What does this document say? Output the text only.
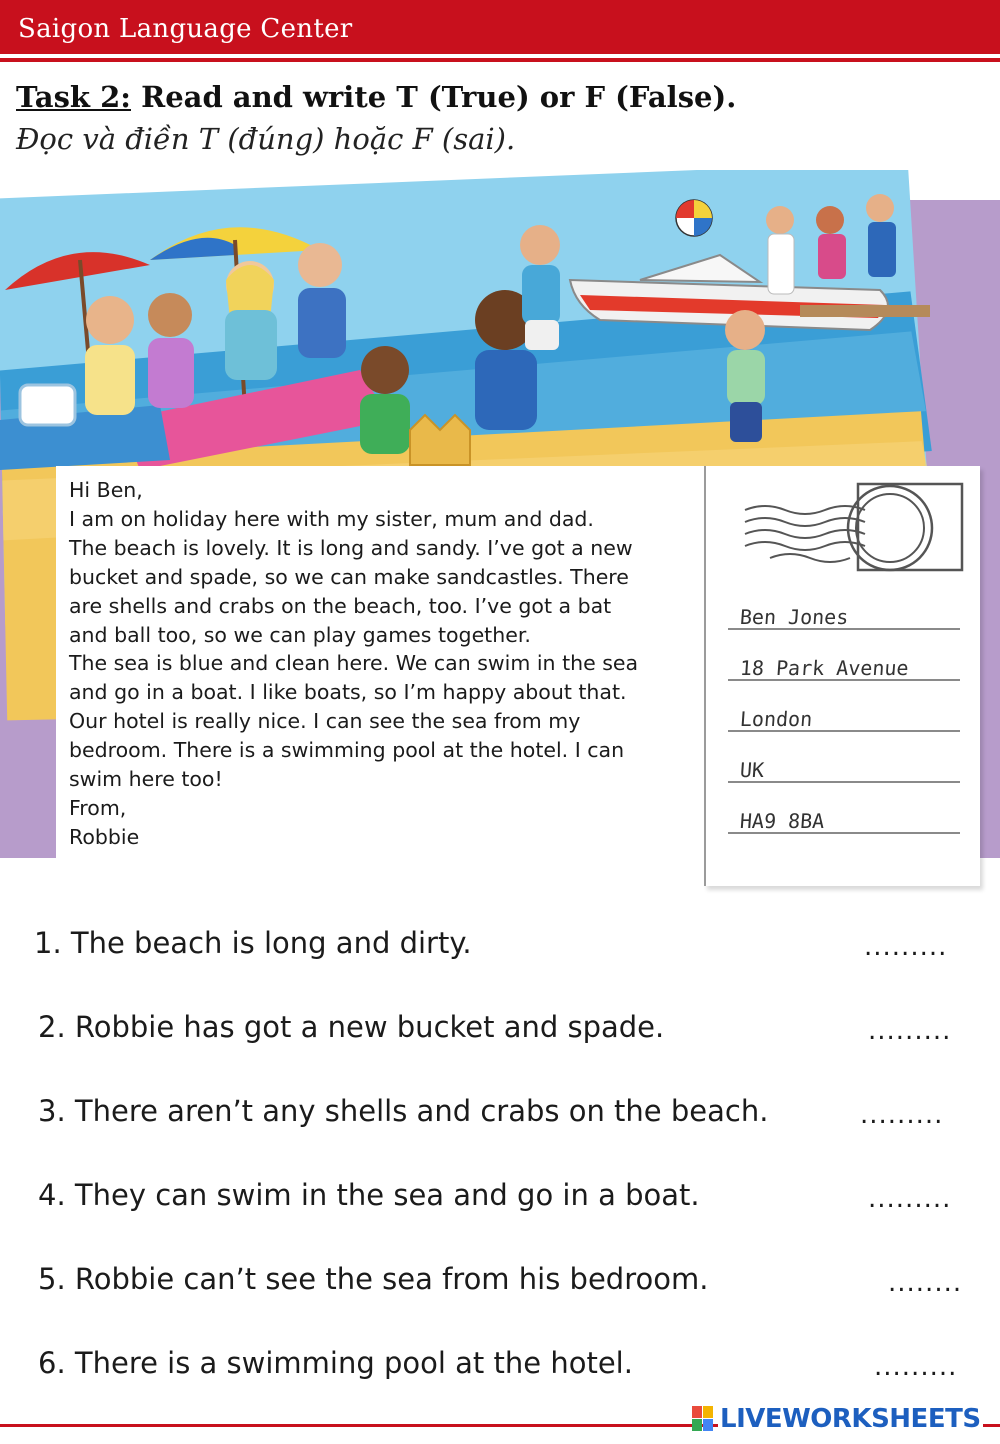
Saigon Language Center
Task 2: Read and write T (True) or F (False).
Đọc và điền T (đúng) hoặc F (sai).
Hi Ben,
I am on holiday here with my sister, mum and dad.
The beach is lovely. It is long and sandy. I’ve got a new
bucket and spade, so we can make sandcastles. There
are shells and crabs on the beach, too. I’ve got a bat
and ball too, so we can play games together.
The sea is blue and clean here. We can swim in the sea
and go in a boat. I like boats, so I’m happy about that.
Our hotel is really nice. I can see the sea from my
bedroom. There is a swimming pool at the hotel. I can
swim here too!
From,
Robbie
Ben Jones
18 Park Avenue
London
UK
HA9 8BA
1. The beach is long and dirty.	.........
2. Robbie has got a new bucket and spade.	.........
3. There aren’t any shells and crabs on the beach.	.........
4. They can swim in the sea and go in a boat.	.........
5. Robbie can’t see the sea from his bedroom.	........
6. There is a swimming pool at the hotel.	.........
LIVEWORKSHEETS
